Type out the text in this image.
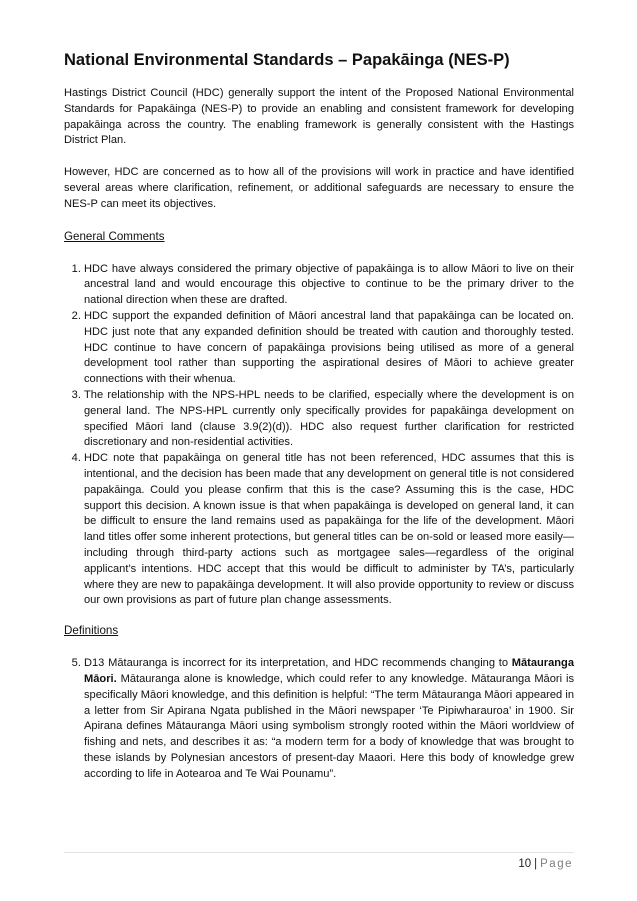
National Environmental Standards – Papakāinga (NES-P)

Hastings District Council (HDC) generally support the intent of the Proposed National Environmental Standards for Papakāinga (NES-P) to provide an enabling and consistent framework for developing papakāinga across the country. The enabling framework is generally consistent with the Hastings District Plan.

However, HDC are concerned as to how all of the provisions will work in practice and have identified several areas where clarification, refinement, or additional safeguards are necessary to ensure the NES-P can meet its objectives.

General Comments
1. HDC have always considered the primary objective of papakāinga is to allow Māori to live on their ancestral land and would encourage this objective to continue to be the primary driver to the national direction when these are drafted.
2. HDC support the expanded definition of Māori ancestral land that papakāinga can be located on. HDC just note that any expanded definition should be treated with caution and thoroughly tested. HDC continue to have concern of papakāinga provisions being utilised as more of a general development tool rather than supporting the aspirational desires of Māori to achieve greater connections with their whenua.
3. The relationship with the NPS-HPL needs to be clarified, especially where the development is on general land. The NPS-HPL currently only specifically provides for papakāinga development on specified Māori land (clause 3.9(2)(d)). HDC also request further clarification for restricted discretionary and non-residential activities.
4. HDC note that papakāinga on general title has not been referenced, HDC assumes that this is intentional, and the decision has been made that any development on general title is not considered papakāinga. Could you please confirm that this is the case? Assuming this is the case, HDC support this decision. A known issue is that when papakāinga is developed on general land, it can be difficult to ensure the land remains used as papakāinga for the life of the development. Māori land titles offer some inherent protections, but general titles can be on-sold or leased more easily—including through third-party actions such as mortgagee sales—regardless of the original applicant’s intentions. HDC accept that this would be difficult to administer by TA’s, particularly where they are new to papakāinga development. It will also provide opportunity to review or discuss our own provisions as part of future plan change assessments.
Definitions
5. D13 Mātauranga is incorrect for its interpretation, and HDC recommends changing to Mātauranga Māori. Mātauranga alone is knowledge, which could refer to any knowledge. Mātauranga Māori is specifically Māori knowledge, and this definition is helpful: “The term Mātauranga Māori appeared in a letter from Sir Apirana Ngata published in the Māori newspaper ‘Te Pipiwharauroa’ in 1900. Sir Apirana defines Mātauranga Māori using symbolism strongly rooted within the Māori worldview of fishing and nets, and describes it as: “a modern term for a body of knowledge that was brought to these islands by Polynesian ancestors of present-day Maaori. Here this body of knowledge grew according to life in Aotearoa and Te Wai Pounamu”.
10 | Page
